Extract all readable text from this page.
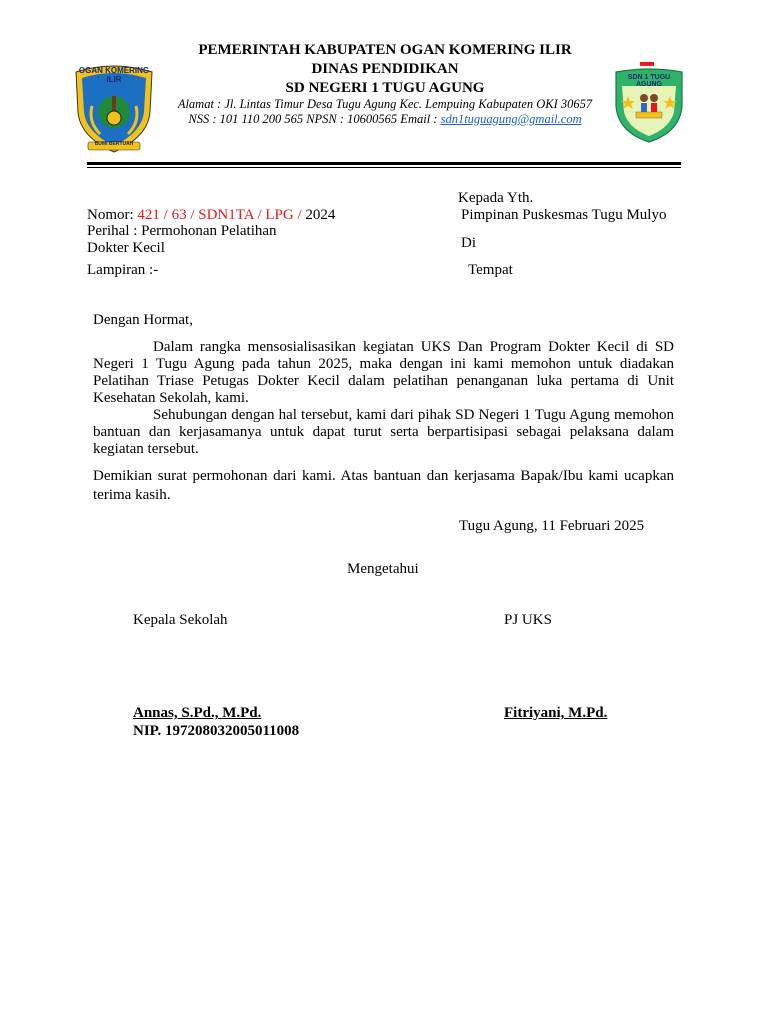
OGAN KOMERING ILIR
BUMI BERTUAH
SDN 1 TUGU AGUNG
PEMERINTAH KABUPATEN OGAN KOMERING ILIR
DINAS PENDIDIKAN
SD NEGERI 1 TUGU AGUNG
Alamat : Jl. Lintas Timur Desa Tugu Agung Kec. Lempuing Kabupaten OKI 30657
NSS : 101 110 200 565 NPSN : 10600565 Email : sdn1tuguagung@gmail.com
Kepada Yth.
Pimpinan Puskesmas Tugu Mulyo
Di
Tempat
Nomor: 421 / 63 / SDN1TA / LPG / 2024
Perihal : Permohonan Pelatihan
Dokter Kecil
Lampiran :-
Dengan Hormat,
Dalam rangka mensosialisasikan kegiatan UKS Dan Program Dokter Kecil di SD
Negeri 1 Tugu Agung pada tahun 2025, maka dengan ini kami memohon untuk diadakan
Pelatihan Triase Petugas Dokter Kecil dalam pelatihan penanganan luka pertama di Unit
Kesehatan Sekolah, kami.
Sehubungan dengan hal tersebut, kami dari pihak SD Negeri 1 Tugu Agung memohon
bantuan dan kerjasamanya untuk dapat turut serta berpartisipasi sebagai pelaksana dalam
kegiatan tersebut.
Demikian surat permohonan dari kami. Atas bantuan dan kerjasama Bapak/Ibu kami ucapkan
terima kasih.
Tugu Agung, 11 Februari 2025
Mengetahui
Kepala Sekolah	PJ UKS
Annas, S.Pd., M.Pd.
NIP. 197208032005011008
Fitriyani, M.Pd.
